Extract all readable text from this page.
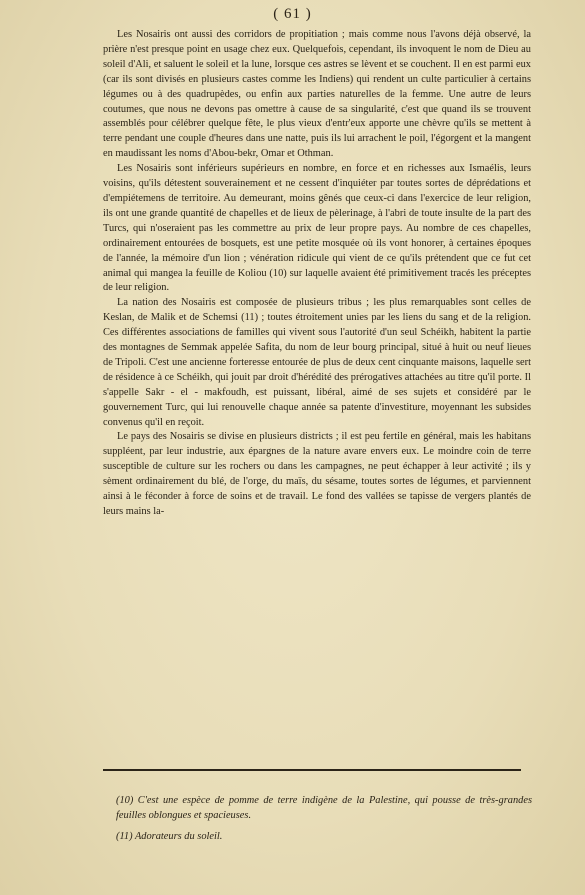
( 61 )

Les Nosairis ont aussi des corridors de propitiation ; mais comme nous l'avons déjà observé, la prière n'est presque point en usage chez eux. Quelquefois, cependant, ils invoquent le nom de Dieu au soleil d'Ali, et saluent le soleil et la lune, lorsque ces astres se lèvent et se couchent. Il en est parmi eux (car ils sont divisés en plusieurs castes comme les Indiens) qui rendent un culte particulier à certains légumes ou à des quadrupèdes, ou enfin aux parties naturelles de la femme. Une autre de leurs coutumes, que nous ne devons pas omettre à cause de sa singularité, c'est que quand ils se trouvent assemblés pour célébrer quelque fête, le plus vieux d'entr'eux apporte une chèvre qu'ils se mettent à terre pendant une couple d'heures dans une natte, puis ils lui arrachent le poil, l'égorgent et la mangent en maudissant les noms d'Abou-bekr, Omar et Othman.

Les Nosairis sont inférieurs supérieurs en nombre, en force et en richesses aux Ismaélis, leurs voisins, qu'ils détestent souverainement et ne cessent d'inquiéter par toutes sortes de déprédations et d'empiétemens de territoire. Au demeurant, moins gênés que ceux-ci dans l'exercice de leur religion, ils ont une grande quantité de chapelles et de lieux de pèlerinage, à l'abri de toute insulte de la part des Turcs, qui n'oseraient pas les commettre au prix de leur propre pays. Au nombre de ces chapelles, ordinairement entourées de bosquets, est une petite mosquée où ils vont honorer, à certaines époques de l'année, la mémoire d'un lion ; vénération ridicule qui vient de ce qu'ils prétendent que ce fut cet animal qui mangea la feuille de Koliou (10) sur laquelle avaient été primitivement tracés les préceptes de leur religion.

La nation des Nosairis est composée de plusieurs tribus ; les plus remarquables sont celles de Keslan, de Malik et de Schemsi (11) ; toutes étroitement unies par les liens du sang et de la religion. Ces différentes associations de familles qui vivent sous l'autorité d'un seul Schéikh, habitent la partie des montagnes de Semmak appelée Safita, du nom de leur bourg principal, situé à huit ou neuf lieues de Tripoli. C'est une ancienne forteresse entourée de plus de deux cent cinquante maisons, laquelle sert de résidence à ce Schéikh, qui jouit par droit d'hérédité des prérogatives attachées au titre qu'il porte. Il s'appelle Sakr - el - makfoudh, est puissant, libéral, aimé de ses sujets et considéré par le gouvernement Turc, qui lui renouvelle chaque année sa patente d'investiture, moyennant les subsides convenus qu'il en reçoit.

Le pays des Nosairis se divise en plusieurs districts ; il est peu fertile en général, mais les habitans suppléent, par leur industrie, aux épargnes de la nature avare envers eux. Le moindre coin de terre susceptible de culture sur les rochers ou dans les campagnes, ne peut échapper à leur activité ; ils y sèment ordinairement du blé, de l'orge, du maïs, du sésame, toutes sortes de légumes, et parviennent ainsi à le féconder à force de soins et de travail. Le fond des vallées se tapisse de vergers plantés de leurs mains la-

(10) C'est une espèce de pomme de terre indigène de la Palestine, qui pousse de très-grandes feuilles oblongues et spacieuses.
(11) Adorateurs du soleil.
